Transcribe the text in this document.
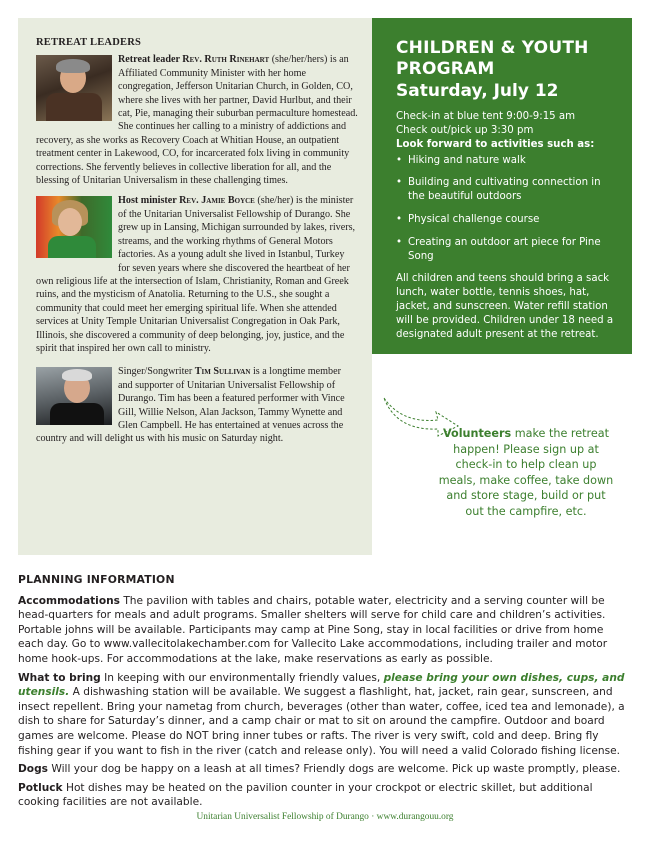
RETREAT LEADERS

Retreat leader Rev. Ruth Rinehart (she/her/hers) is an Affiliated Community Minister with her home congregation, Jefferson Unitarian Church, in Golden, CO, where she lives with her partner, David Hurlbut, and their cat, Pie, managing their suburban permaculture homestead. She continues her calling to a ministry of addictions and recovery, as she works as Recovery Coach at Whitian House, an outpatient treatment center in Lakewood, CO, for incarcerated folx living in community corrections. She fervently believes in collective liberation for all, and the blessing of Unitarian Universalism in these challenging times.

Host minister Rev. Jamie Boyce (she/her) is the minister of the Unitarian Universalist Fellowship of Durango. She grew up in Lansing, Michigan surrounded by lakes, rivers, streams, and the working rhythms of General Motors factories. As a young adult she lived in Istanbul, Turkey for seven years where she discovered the heartbeat of her own religious life at the intersection of Islam, Christianity, Roman and Greek ruins, and the mysticism of Anatolia. Returning to the U.S., she sought a community that could meet her emerging spiritual life. When she attended services at Unity Temple Unitarian Universalist Congregation in Oak Park, Illinois, she discovered a community of deep belonging, joy, justice, and the spirit that inspired her own call to ministry.

Singer/Songwriter Tim Sullivan is a longtime member and supporter of Unitarian Universalist Fellowship of Durango. Tim has been a featured performer with Vince Gill, Willie Nelson, Alan Jackson, Tammy Wynette and Glen Campbell. He has entertained at venues across the country and will delight us with his music on Saturday night.

CHILDREN & YOUTH PROGRAM
Saturday, July 12
Check-in at blue tent 9:00-9:15 am
Check out/pick up 3:30 pm
Look forward to activities such as:
• Hiking and nature walk
• Building and cultivating connection in the beautiful outdoors
• Physical challenge course
• Creating an outdoor art piece for Pine Song
All children and teens should bring a sack lunch, water bottle, tennis shoes, hat, jacket, and sunscreen. Water refill station will be provided. Children under 18 need a designated adult present at the retreat.
Volunteers make the retreat happen! Please sign up at check-in to help clean up meals, make coffee, take down and store stage, build or put out the campfire, etc.
PLANNING INFORMATION

Accommodations The pavilion with tables and chairs, potable water, electricity and a serving counter will be head-quarters for meals and adult programs. Smaller shelters will serve for child care and children’s activities. Portable johns will be available. Participants may camp at Pine Song, stay in local facilities or drive from home each day. Go to www.vallecitolakechamber.com for Vallecito Lake accommodations, including trailer and motor home hook-ups. For accommodations at the lake, make reservations as early as possible.

What to bring In keeping with our environmentally friendly values, please bring your own dishes, cups, and utensils. A dishwashing station will be available. We suggest a flashlight, hat, jacket, rain gear, sunscreen, and insect repellent. Bring your nametag from church, beverages (other than water, coffee, iced tea and lemonade), a dish to share for Saturday’s dinner, and a camp chair or mat to sit on around the campfire. Outdoor and board games are welcome. Please do NOT bring inner tubes or rafts. The river is very swift, cold and deep. Bring fly fishing gear if you want to fish in the river (catch and release only). You will need a valid Colorado fishing license.

Dogs Will your dog be happy on a leash at all times? Friendly dogs are welcome. Pick up waste promptly, please.

Potluck Hot dishes may be heated on the pavilion counter in your crockpot or electric skillet, but additional cooking facilities are not available.

Unitarian Universalist Fellowship of Durango · www.durangouu.org
